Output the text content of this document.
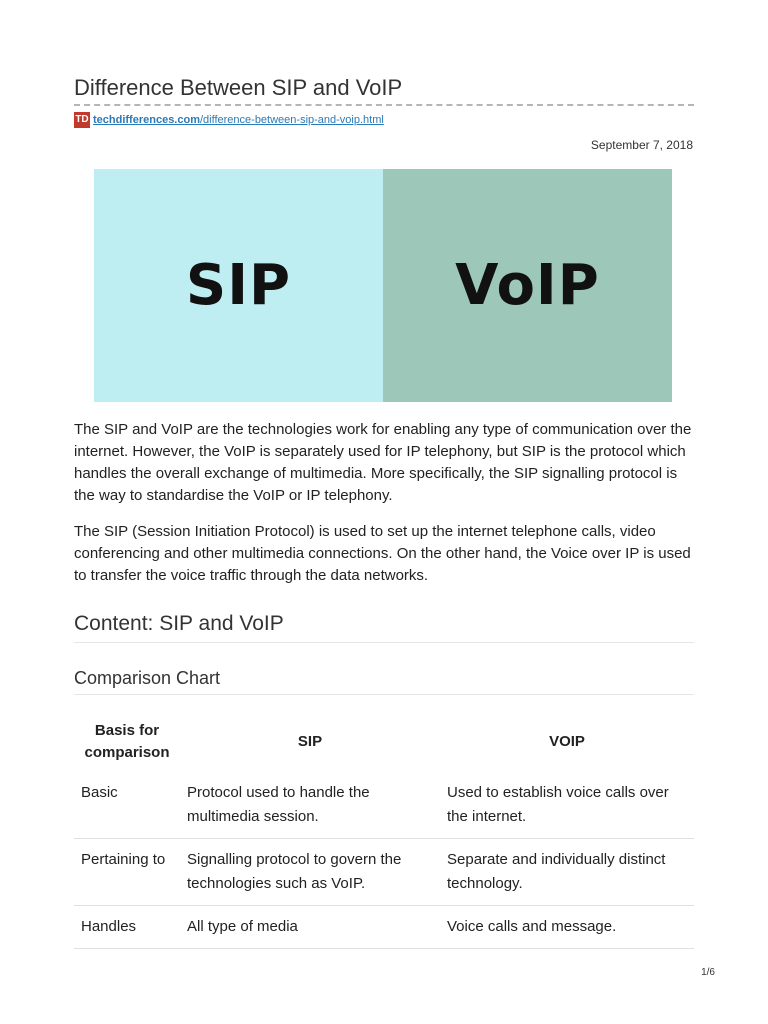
Difference Between SIP and VoIP
TD techdifferences.com /difference-between-sip-and-voip.html
September 7, 2018
SIP	VoIP

The SIP and VoIP are the technologies work for enabling any type of communication over the internet. However, the VoIP is separately used for IP telephony, but SIP is the protocol which handles the overall exchange of multimedia. More specifically, the SIP signalling protocol is the way to standardise the VoIP or IP telephony.

The SIP (Session Initiation Protocol) is used to set up the internet telephone calls, video conferencing and other multimedia connections. On the other hand, the Voice over IP is used to transfer the voice traffic through the data networks.

Content: SIP and VoIP
Comparison Chart
Basis for comparison	SIP	VOIP
Basic	Protocol used to handle the multimedia session.	Used to establish voice calls over the internet.
Pertaining to	Signalling protocol to govern the technologies such as VoIP.	Separate and individually distinct technology.
Handles	All type of media	Voice calls and message.
1/6
